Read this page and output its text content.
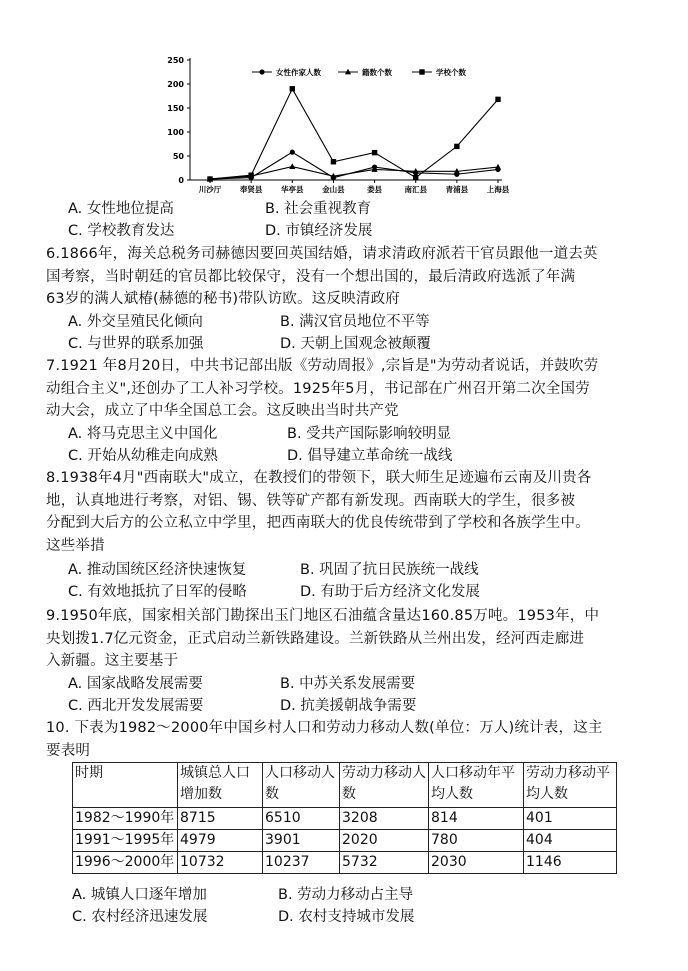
0
50
100
150
200
250
川沙厅 奉贤县 华亭县 金山县	娄县	南汇县 青浦县 上海县
女性作家人数	籍数个数	学校个数
A. 女性地位提高	B. 社会重视教育
C. 学校教育发达	D. 市镇经济发展
6.1866年，海关总税务司赫德因要回英国结婚，请求清政府派若干官员跟他一道去英
国考察，当时朝廷的官员都比较保守，没有一个想出国的，最后清政府选派了年满
63岁的满人斌椿(赫德的秘书)带队访欧。这反映清政府
A. 外交呈殖民化倾向	B. 满汉官员地位不平等
C. 与世界的联系加强	D. 天朝上国观念被颠覆
7.1921 年8月20日，中共书记部出版《劳动周报》,宗旨是"为劳动者说话，并鼓吹劳
动组合主义",还创办了工人补习学校。1925年5月，书记部在广州召开第二次全国劳
动大会，成立了中华全国总工会。这反映出当时共产党
A. 将马克思主义中国化	B. 受共产国际影响较明显
C. 开始从幼稚走向成熟	D. 倡导建立革命统一战线
8.1938年4月"西南联大"成立，在教授们的带领下，联大师生足迹遍布云南及川贵各
地，认真地进行考察，对铝、锡、铁等矿产都有新发现。西南联大的学生，很多被
分配到大后方的公立私立中学里，把西南联大的优良传统带到了学校和各族学生中。
这些举措
A. 推动国统区经济快速恢复	B. 巩固了抗日民族统一战线
C. 有效地抵抗了日军的侵略	D. 有助于后方经济文化发展
9.1950年底，国家相关部门勘探出玉门地区石油蕴含量达160.85万吨。1953年，中
央划拨1.7亿元资金，正式启动兰新铁路建设。兰新铁路从兰州出发，经河西走廊进
入新疆。这主要基于
A. 国家战略发展需要	B. 中苏关系发展需要
C. 西北开发发展需要	D. 抗美援朝战争需要
10. 下表为1982～2000年中国乡村人口和劳动力移动人数(单位：万人)统计表，这主
要表明
时期	城镇总人口增加数	人口移动人数	劳动力移动人数	人口移动年平均人数	劳动力移动平均人数
1982～1990年	8715	6510	3208	814	401
1991～1995年	4979	3901	2020	780	404
1996～2000年	10732	10237	5732	2030	1146
A. 城镇人口逐年增加	B. 劳动力移动占主导
C. 农村经济迅速发展	D. 农村支持城市发展
